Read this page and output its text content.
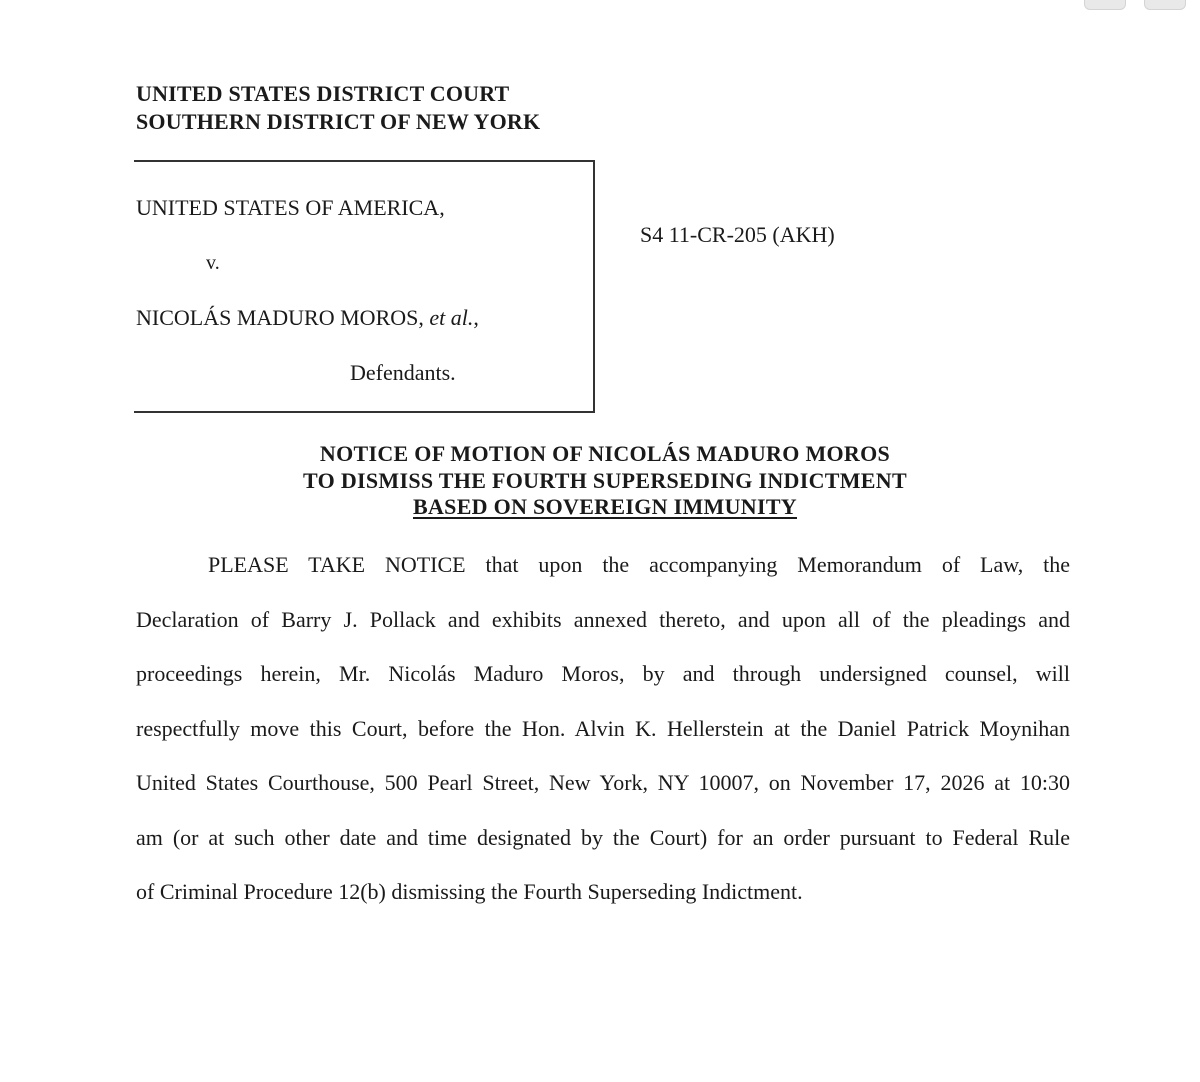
UNITED STATES DISTRICT COURT
SOUTHERN DISTRICT OF NEW YORK
UNITED STATES OF AMERICA,
v.
NICOLÁS MADURO MOROS, et al.,
Defendants.
S4 11-CR-205 (AKH)
NOTICE OF MOTION OF NICOLÁS MADURO MOROS
TO DISMISS THE FOURTH SUPERSEDING INDICTMENT
BASED ON SOVEREIGN IMMUNITY
PLEASE TAKE NOTICE that upon the accompanying Memorandum of Law, the
Declaration of Barry J. Pollack and exhibits annexed thereto, and upon all of the pleadings and
proceedings herein, Mr. Nicolás Maduro Moros, by and through undersigned counsel, will
respectfully move this Court, before the Hon. Alvin K. Hellerstein at the Daniel Patrick Moynihan
United States Courthouse, 500 Pearl Street, New York, NY 10007, on November 17, 2026 at 10:30
am (or at such other date and time designated by the Court) for an order pursuant to Federal Rule
of Criminal Procedure 12(b) dismissing the Fourth Superseding Indictment.
